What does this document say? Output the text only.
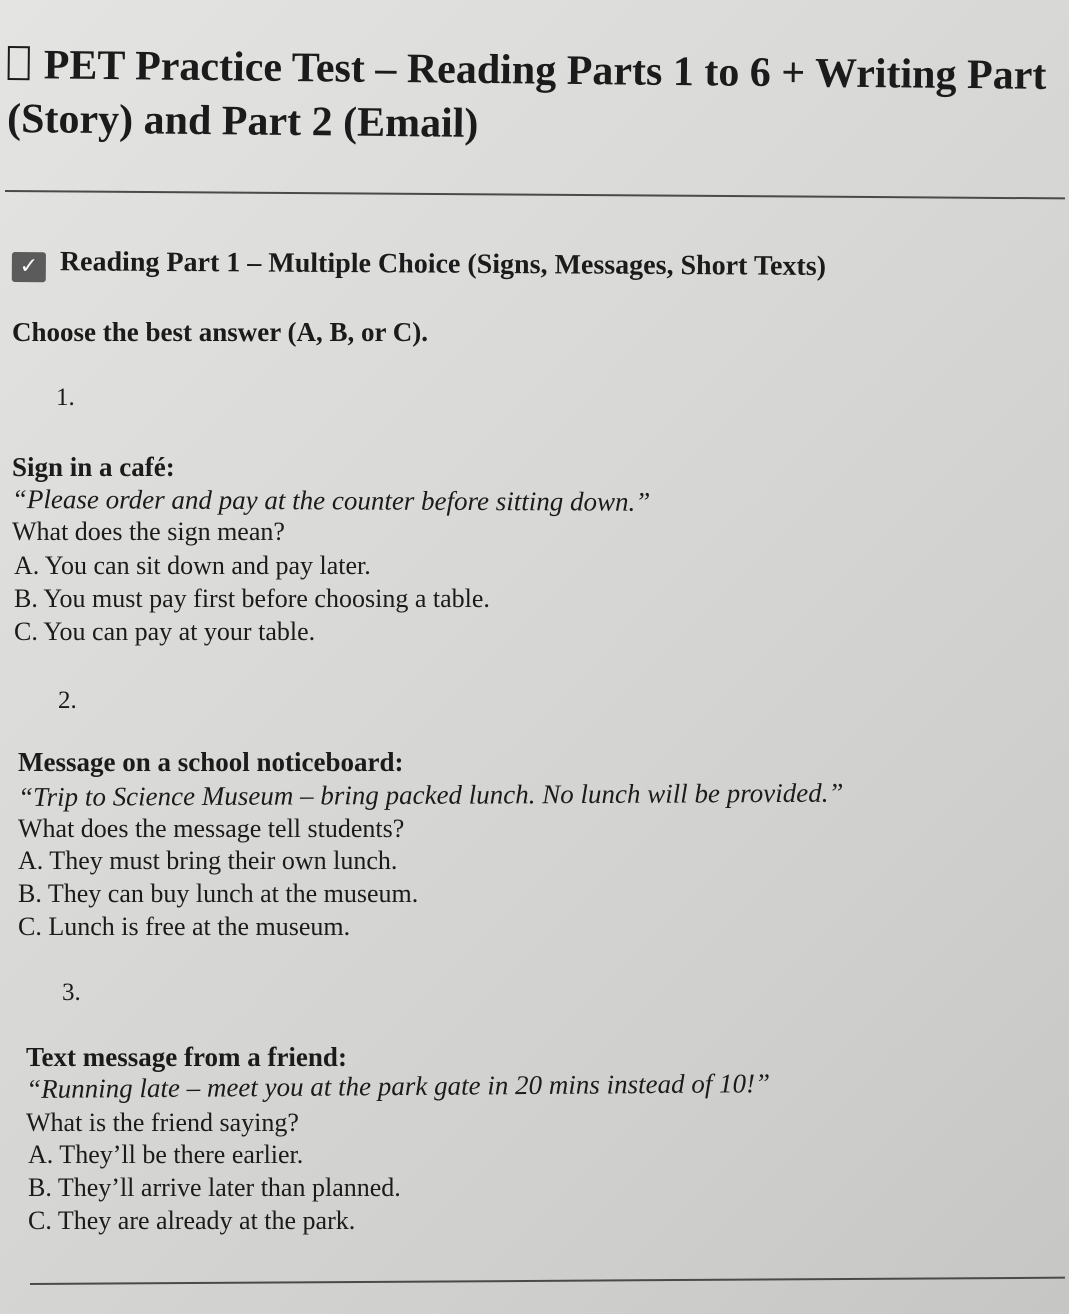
PET Practice Test – Reading Parts 1 to 6 + Writing Part (Story) and Part 2 (Email)
✓ Reading Part 1 – Multiple Choice (Signs, Messages, Short Texts)

Choose the best answer (A, B, or C).

1.
Sign in a café:
“Please order and pay at the counter before sitting down.”
What does the sign mean?
A. You can sit down and pay later.
B. You must pay first before choosing a table.
C. You can pay at your table.
2.
Message on a school noticeboard:
“Trip to Science Museum – bring packed lunch. No lunch will be provided.”
What does the message tell students?
A. They must bring their own lunch.
B. They can buy lunch at the museum.
C. Lunch is free at the museum.
3.
Text message from a friend:
“Running late – meet you at the park gate in 20 mins instead of 10!”
What is the friend saying?
A. They’ll be there earlier.
B. They’ll arrive later than planned.
C. They are already at the park.
